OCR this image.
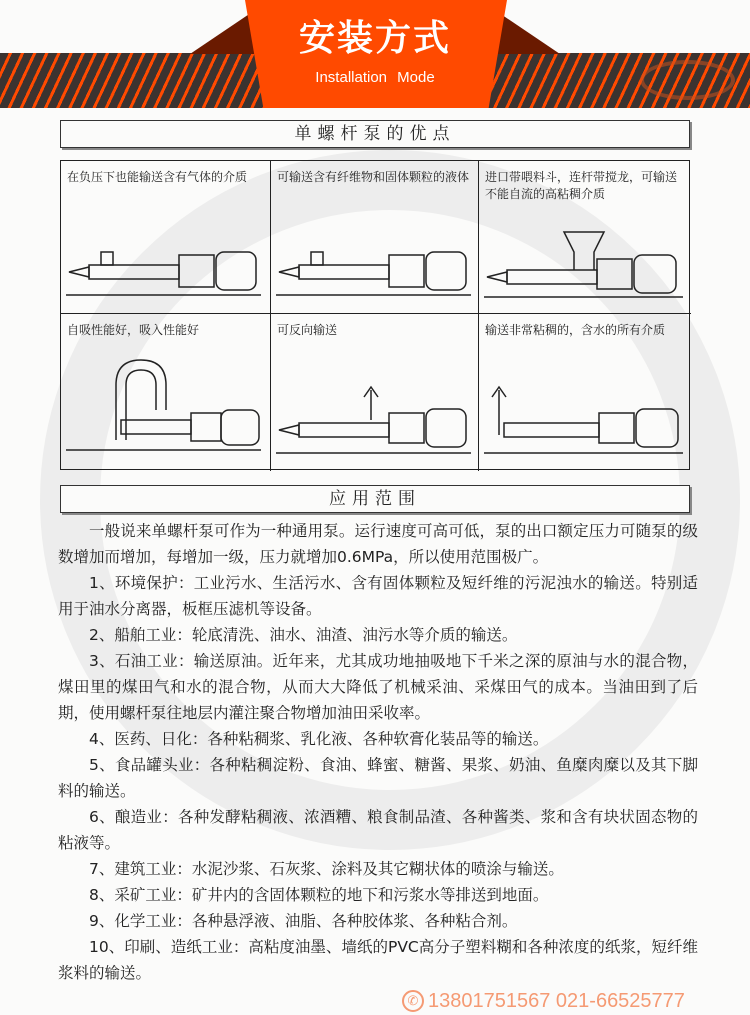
安装方式
Installation Mode
单螺杆泵的优点
在负压下也能输送含有气体的介质	可输送含有纤维物和固体颗粒的液体	进口带喂料斗，连杆带搅龙，可输送不能自流的高粘稠介质
自吸性能好，吸入性能好	可反向输送	输送非常粘稠的，含水的所有介质
应用范围

一般说来单螺杆泵可作为一种通用泵。运行速度可高可低，泵的出口额定压力可随泵的级数增加而增加，每增加一级，压力就增加0.6MPa，所以使用范围极广。

1、环境保护：工业污水、生活污水、含有固体颗粒及短纤维的污泥浊水的输送。特别适用于油水分离器，板框压滤机等设备。

2、船舶工业：轮底清洗、油水、油渣、油污水等介质的输送。

3、石油工业：输送原油。近年来，尤其成功地抽吸地下千米之深的原油与水的混合物，煤田里的煤田气和水的混合物，从而大大降低了机械采油、采煤田气的成本。当油田到了后期，使用螺杆泵往地层内灌注聚合物增加油田采收率。

4、医药、日化：各种粘稠浆、乳化液、各种软膏化装品等的输送。

5、食品罐头业：各种粘稠淀粉、食油、蜂蜜、糖酱、果浆、奶油、鱼糜肉糜以及其下脚料的输送。

6、酿造业：各种发酵粘稠液、浓酒糟、粮食制品渣、各种酱类、浆和含有块状固态物的粘液等。

7、建筑工业：水泥沙浆、石灰浆、涂料及其它糊状体的喷涂与输送。

8、采矿工业：矿井内的含固体颗粒的地下和污浆水等排送到地面。

9、化学工业：各种悬浮液、油脂、各种胶体浆、各种粘合剂。

10、印刷、造纸工业：高粘度油墨、墙纸的PVC高分子塑料糊和各种浓度的纸浆，短纤维浆料的输送。

✆ 13801751567 021-66525777
